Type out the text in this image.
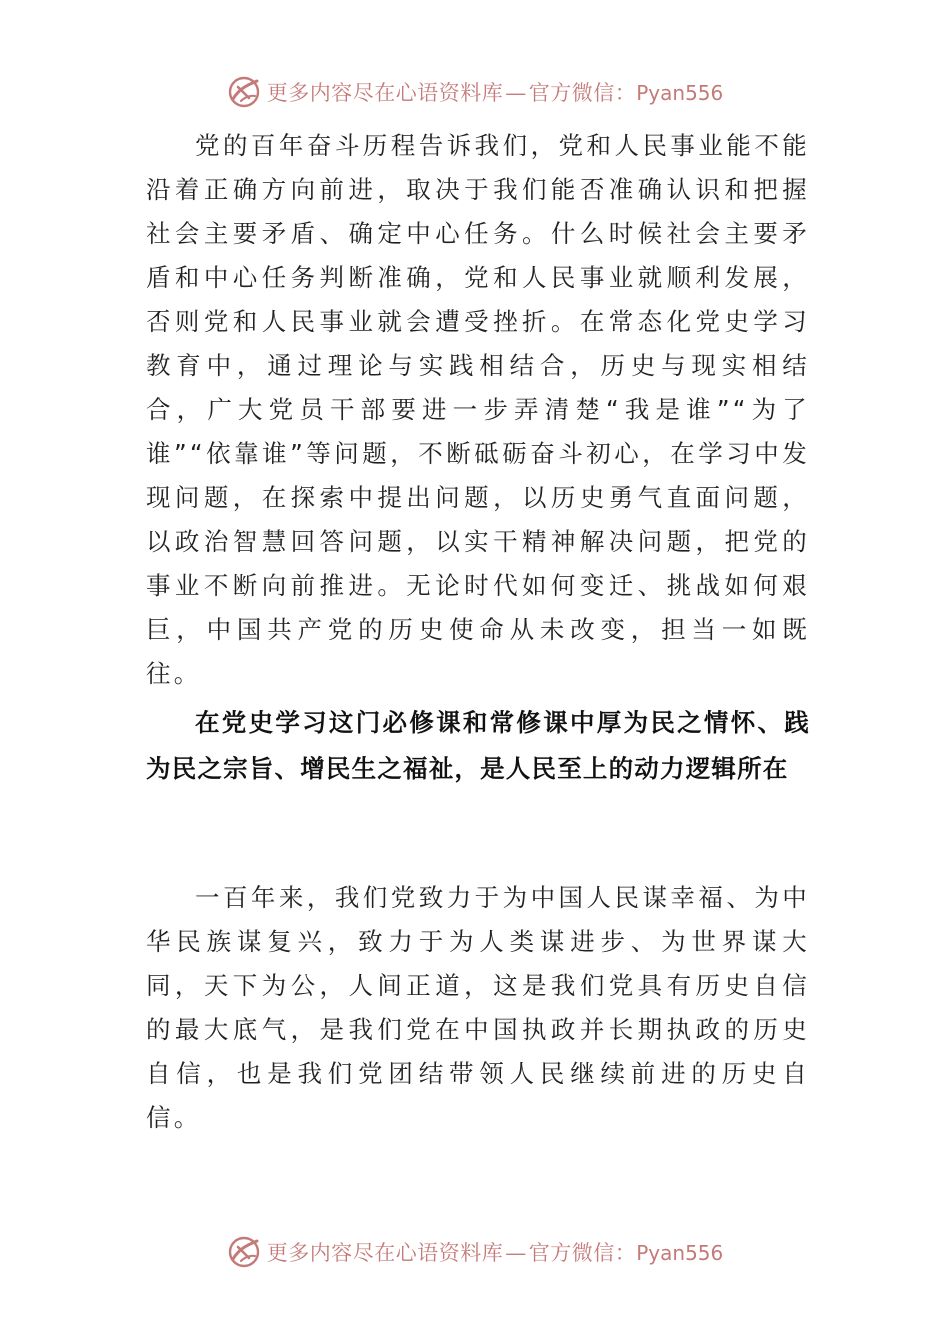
更多内容尽在心语资料库—官方微信：Pyan556

党的百年奋斗历程告诉我们，党和人民事业能不能沿着正确方向前进，取决于我们能否准确认识和把握社会主要矛盾、确定中心任务。什么时候社会主要矛盾和中心任务判断准确，党和人民事业就顺利发展，否则党和人民事业就会遭受挫折。在常态化党史学习教育中，通过理论与实践相结合，历史与现实相结合，广大党员干部要进一步弄清楚“我是谁”“为了谁”“依靠谁”等问题，不断砥砺奋斗初心，在学习中发现问题，在探索中提出问题，以历史勇气直面问题，以政治智慧回答问题，以实干精神解决问题，把党的事业不断向前推进。无论时代如何变迁、挑战如何艰巨，中国共产党的历史使命从未改变，担当一如既往。

在党史学习这门必修课和常修课中厚为民之情怀、践为民之宗旨、增民生之福祉，是人民至上的动力逻辑所在

一百年来，我们党致力于为中国人民谋幸福、为中华民族谋复兴，致力于为人类谋进步、为世界谋大同，天下为公，人间正道，这是我们党具有历史自信的最大底气，是我们党在中国执政并长期执政的历史自信，也是我们党团结带领人民继续前进的历史自信。

更多内容尽在心语资料库—官方微信：Pyan556
